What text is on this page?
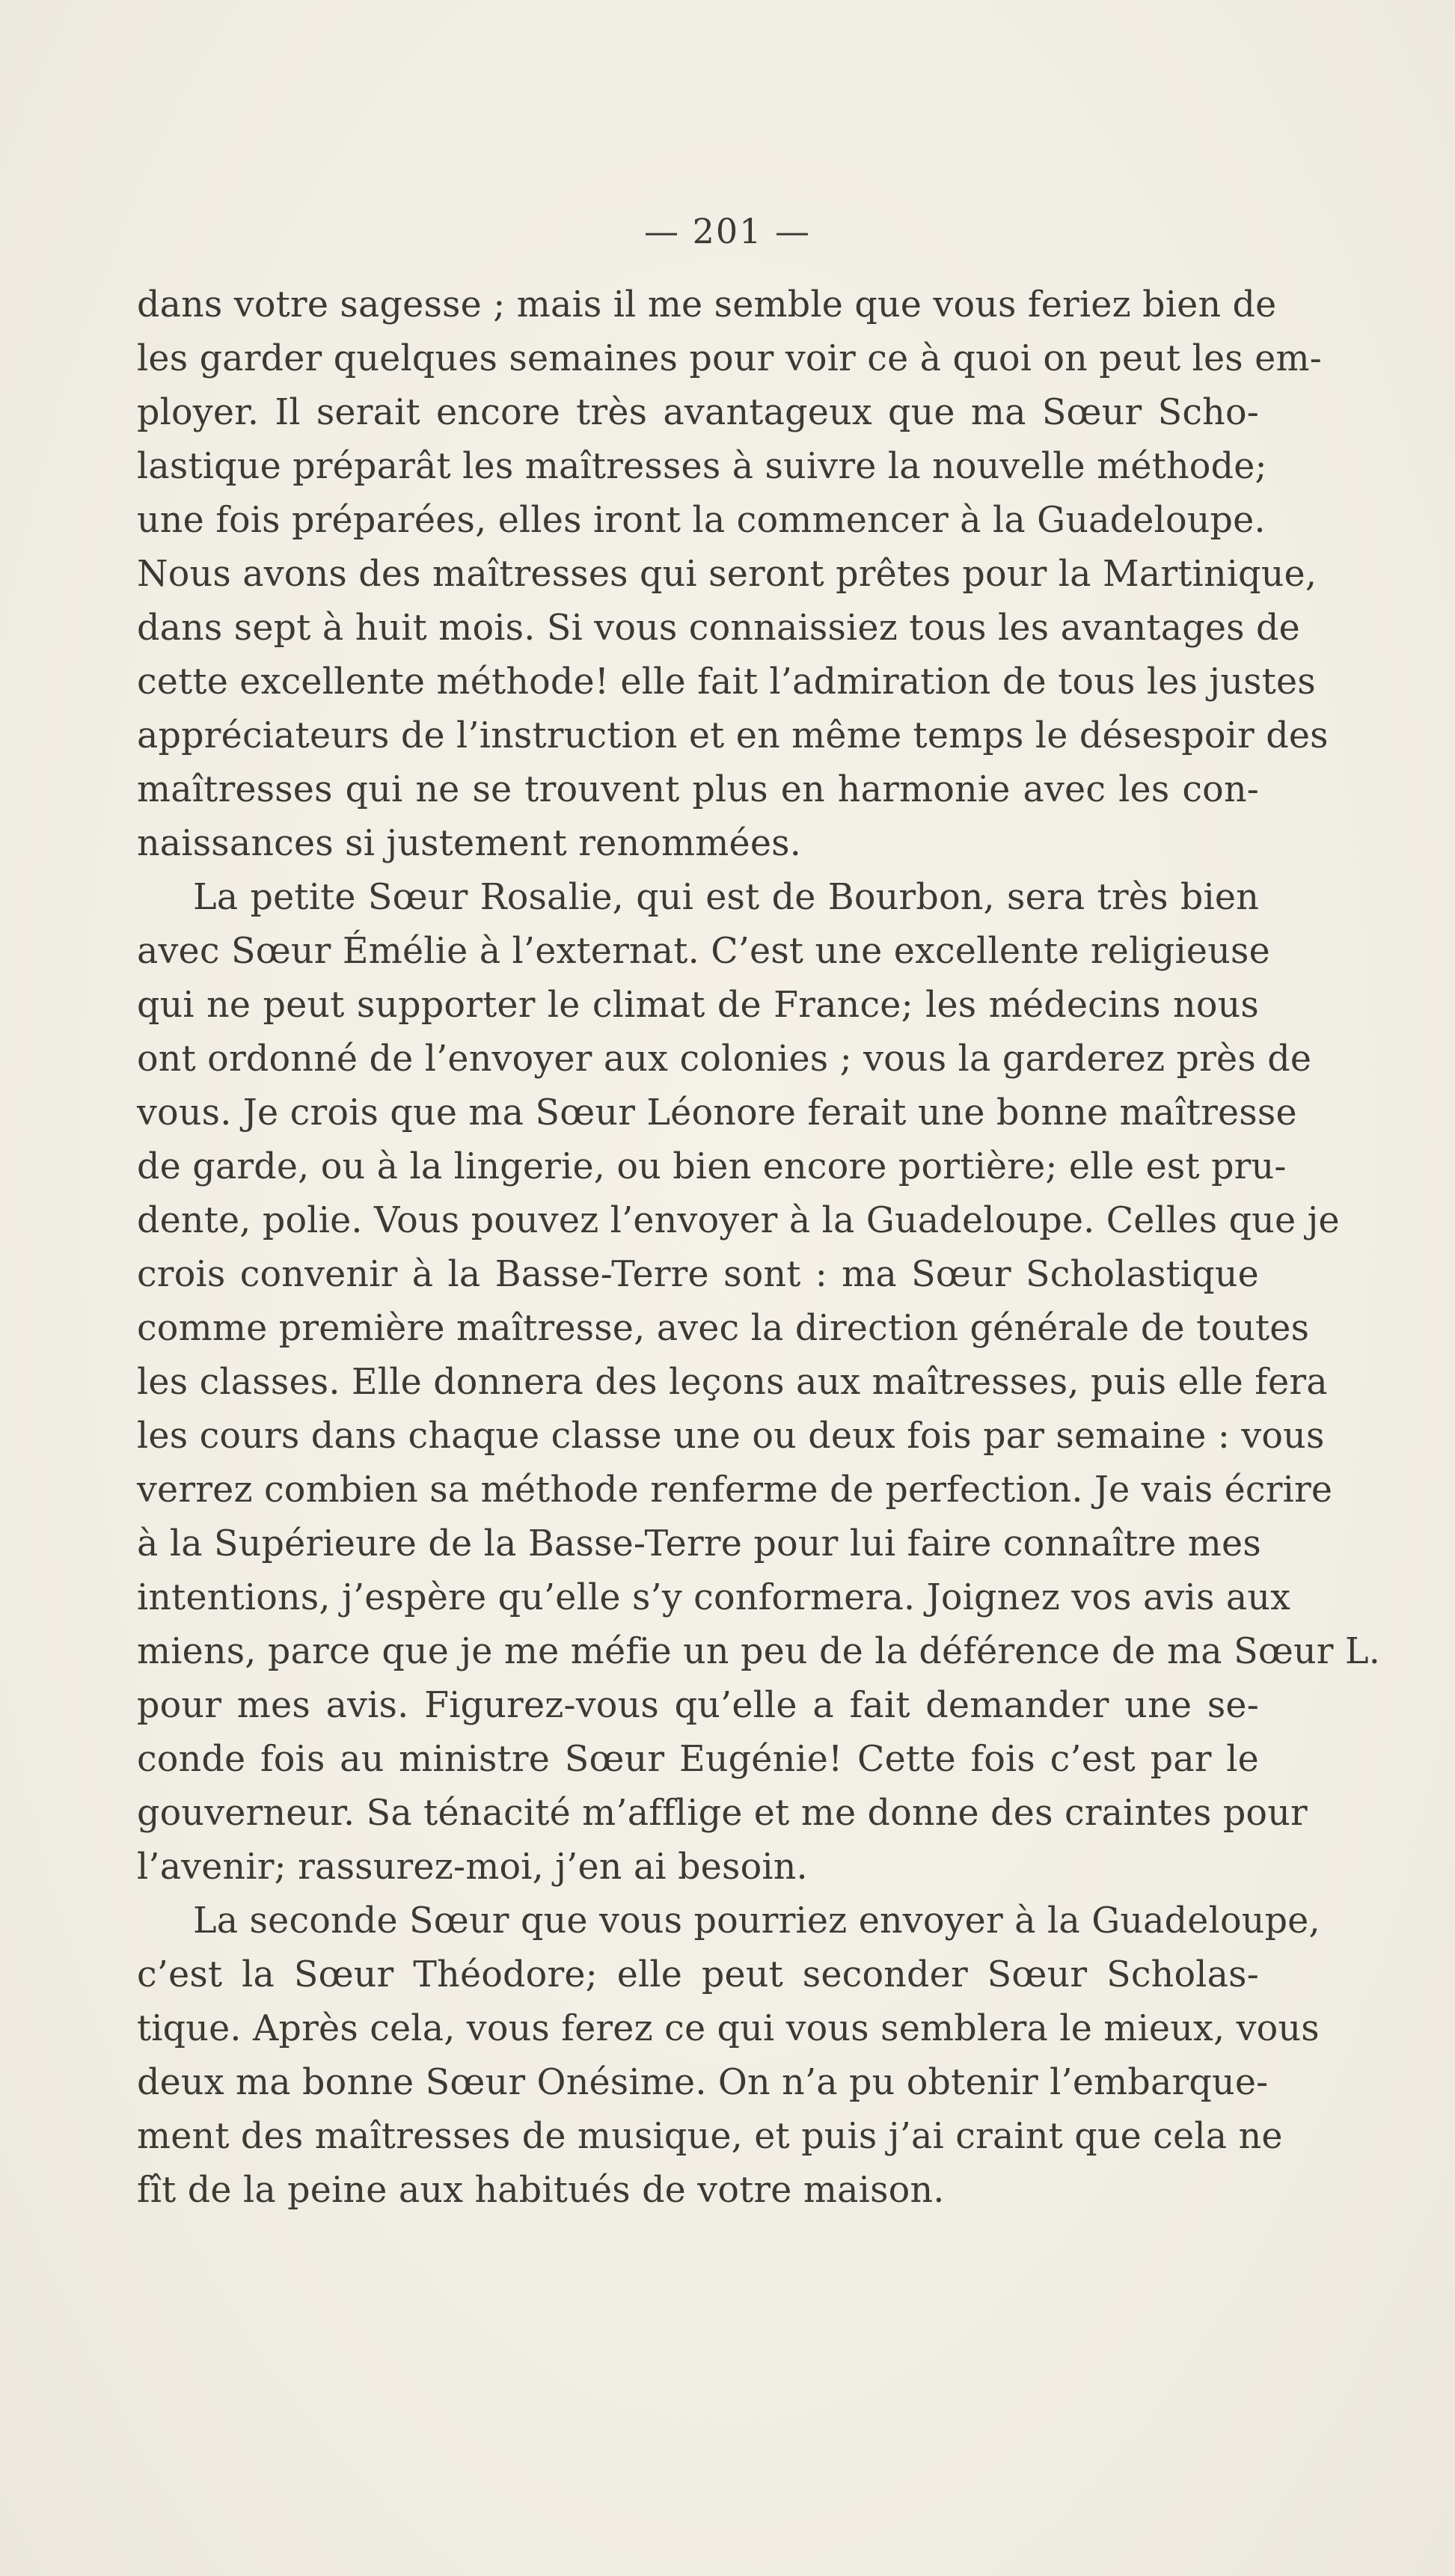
— 201 —
dans votre sagesse ; mais il me semble que vous feriez bien de
les garder quelques semaines pour voir ce à quoi on peut les em-
ployer. Il serait encore très avantageux que ma Sœur Scho-
lastique préparât les maîtresses à suivre la nouvelle méthode;
une fois préparées, elles iront la commencer à la Guadeloupe.
Nous avons des maîtresses qui seront prêtes pour la Martinique,
dans sept à huit mois. Si vous connaissiez tous les avantages de
cette excellente méthode! elle fait l’admiration de tous les justes
appréciateurs de l’instruction et en même temps le désespoir des
maîtresses qui ne se trouvent plus en harmonie avec les con-
naissances si justement renommées.
La petite Sœur Rosalie, qui est de Bourbon, sera très bien
avec Sœur Émélie à l’externat. C’est une excellente religieuse
qui ne peut supporter le climat de France; les médecins nous
ont ordonné de l’envoyer aux colonies ; vous la garderez près de
vous. Je crois que ma Sœur Léonore ferait une bonne maîtresse
de garde, ou à la lingerie, ou bien encore portière; elle est pru-
dente, polie. Vous pouvez l’envoyer à la Guadeloupe. Celles que je
crois convenir à la Basse-Terre sont : ma Sœur Scholastique
comme première maîtresse, avec la direction générale de toutes
les classes. Elle donnera des leçons aux maîtresses, puis elle fera
les cours dans chaque classe une ou deux fois par semaine : vous
verrez combien sa méthode renferme de perfection. Je vais écrire
à la Supérieure de la Basse-Terre pour lui faire connaître mes
intentions, j’espère qu’elle s’y conformera. Joignez vos avis aux
miens, parce que je me méfie un peu de la déférence de ma Sœur L.
pour mes avis. Figurez-vous qu’elle a fait demander une se-
conde fois au ministre Sœur Eugénie! Cette fois c’est par le
gouverneur. Sa ténacité m’afflige et me donne des craintes pour
l’avenir; rassurez-moi, j’en ai besoin.
La seconde Sœur que vous pourriez envoyer à la Guadeloupe,
c’est la Sœur Théodore; elle peut seconder Sœur Scholas-
tique. Après cela, vous ferez ce qui vous semblera le mieux, vous
deux ma bonne Sœur Onésime. On n’a pu obtenir l’embarque-
ment des maîtresses de musique, et puis j’ai craint que cela ne
fît de la peine aux habitués de votre maison.
